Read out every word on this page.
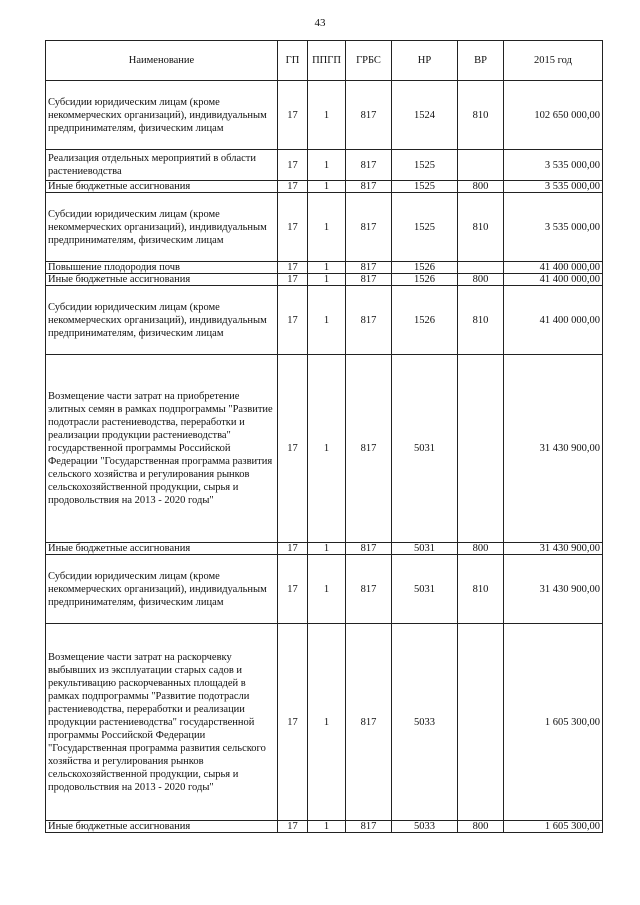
43
Наименование	ГП	ППГП	ГРБС	НР	ВР	2015 год
Субсидии юридическим лицам (кроме некоммерческих организаций), индивидуальным предпринимателям, физическим лицам	17	1	817	1524	810	102 650 000,00
Реализация отдельных мероприятий в области растениеводства	17	1	817	1525		3 535 000,00
Иные бюджетные ассигнования	17	1	817	1525	800	3 535 000,00
Субсидии юридическим лицам (кроме некоммерческих организаций), индивидуальным предпринимателям, физическим лицам	17	1	817	1525	810	3 535 000,00
Повышение плодородия почв	17	1	817	1526		41 400 000,00
Иные бюджетные ассигнования	17	1	817	1526	800	41 400 000,00
Субсидии юридическим лицам (кроме некоммерческих организаций), индивидуальным предпринимателям, физическим лицам	17	1	817	1526	810	41 400 000,00
Возмещение части затрат на приобретение элитных семян в рамках подпрограммы "Развитие подотрасли растениеводства, переработки и реализации продукции растениеводства" государственной программы Российской Федерации "Государственная программа развития сельского хозяйства и регулирования рынков сельскохозяйственной продукции, сырья и продовольствия на 2013 - 2020 годы"	17	1	817	5031		31 430 900,00
Иные бюджетные ассигнования	17	1	817	5031	800	31 430 900,00
Субсидии юридическим лицам (кроме некоммерческих организаций), индивидуальным предпринимателям, физическим лицам	17	1	817	5031	810	31 430 900,00
Возмещение части затрат на раскорчевку выбывших из эксплуатации старых садов и рекультивацию раскорчеванных площадей в рамках подпрограммы "Развитие подотрасли растениеводства, переработки и реализации продукции растениеводства" государственной программы Российской Федерации "Государственная программа развития сельского хозяйства и регулирования рынков сельскохозяйственной продукции, сырья и продовольствия на 2013 - 2020 годы"	17	1	817	5033		1 605 300,00
Иные бюджетные ассигнования	17	1	817	5033	800	1 605 300,00
